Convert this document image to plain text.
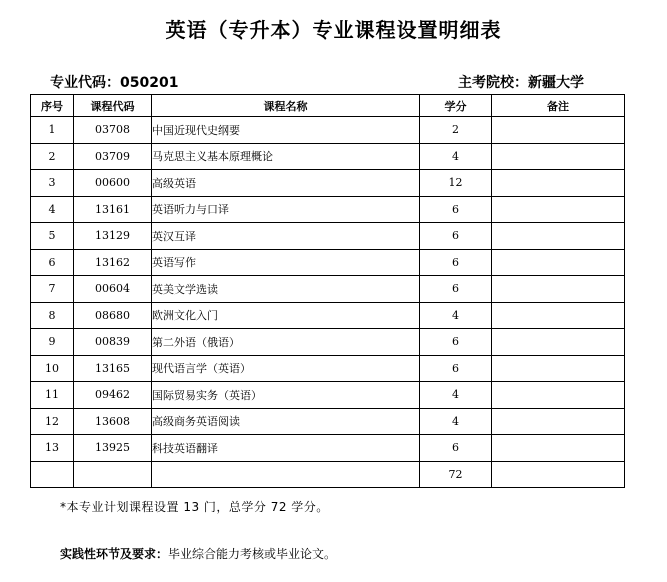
英语（专升本）专业课程设置明细表
专业代码：050201	主考院校：新疆大学
序号	课程代码	课程名称	学分	备注
1	03708	中国近现代史纲要	2	
2	03709	马克思主义基本原理概论	4	
3	00600	高级英语	12	
4	13161	英语听力与口译	6	
5	13129	英汉互译	6	
6	13162	英语写作	6	
7	00604	英美文学选读	6	
8	08680	欧洲文化入门	4	
9	00839	第二外语（俄语）	6	
10	13165	现代语言学（英语）	6	
11	09462	国际贸易实务（英语）	4	
12	13608	高级商务英语阅读	4	
13	13925	科技英语翻译	6	
			72	
*本专业计划课程设置 13 门，总学分 72 学分。
实践性环节及要求：毕业综合能力考核或毕业论文。
